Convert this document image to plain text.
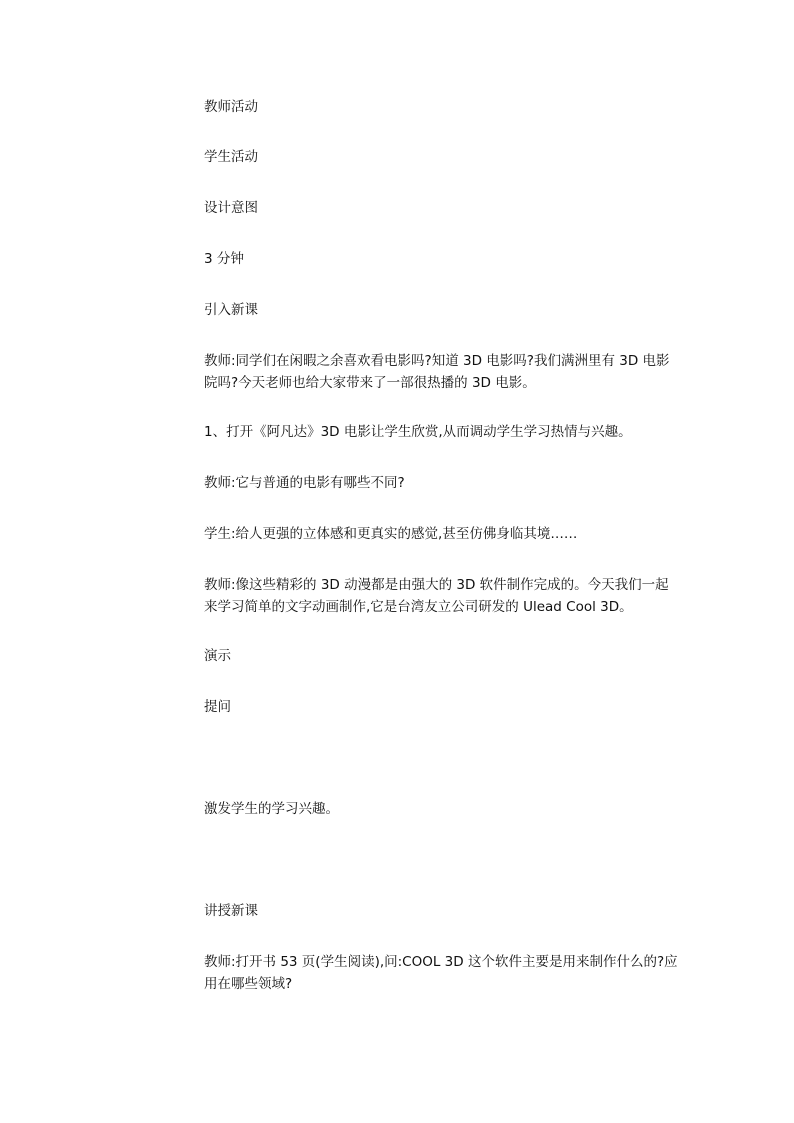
教师活动

学生活动

设计意图

3 分钟

引入新课

教师:同学们在闲暇之余喜欢看电影吗?知道 3D 电影吗?我们满洲里有 3D 电影院吗?今天老师也给大家带来了一部很热播的 3D 电影。

1、打开《阿凡达》3D 电影让学生欣赏,从而调动学生学习热情与兴趣。

教师:它与普通的电影有哪些不同?

学生:给人更强的立体感和更真实的感觉,甚至仿佛身临其境……

教师:像这些精彩的 3D 动漫都是由强大的 3D 软件制作完成的。今天我们一起来学习简单的文字动画制作,它是台湾友立公司研发的 Ulead Cool 3D。

演示

提问

激发学生的学习兴趣。

讲授新课

教师:打开书 53 页(学生阅读),问:COOL 3D 这个软件主要是用来制作什么的?应用在哪些领域?
